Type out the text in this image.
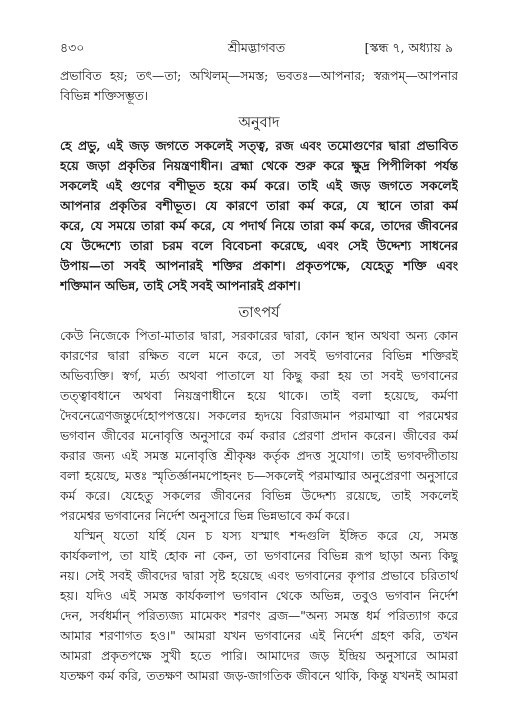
৪৩০	শ্রীমদ্ভাগবত	[স্কন্ধ ৭, অধ্যায় ৯
প্রভাবিত হয়; তৎ—তা; অখিলম্—সমস্ত; ভবতঃ—আপনার; স্বরূপম্—আপনার
বিভিন্ন শক্তিসম্ভূত।
অনুবাদ
হে প্রভু, এই জড় জগতে সকলেই সত্ত্ব, রজ এবং তমোগুণের দ্বারা প্রভাবিত
হয়ে জড়া প্রকৃতির নিয়ন্ত্রণাধীন। ব্রহ্মা থেকে শুরু করে ক্ষুদ্র পিপীলিকা পর্যন্ত
সকলেই এই গুণের বশীভূত হয়ে কর্ম করে। তাই এই জড় জগতে সকলেই
আপনার প্রকৃতির বশীভূত। যে কারণে তারা কর্ম করে, যে স্থানে তারা কর্ম
করে, যে সময়ে তারা কর্ম করে, যে পদার্থ নিয়ে তারা কর্ম করে, তাদের জীবনের
যে উদ্দেশ্যে তারা চরম বলে বিবেচনা করেছে, এবং সেই উদ্দেশ্য সাধনের
উপায়—তা সবই আপনারই শক্তির প্রকাশ। প্রকৃতপক্ষে, যেহেতু শক্তি এবং
শক্তিমান অভিন্ন, তাই সেই সবই আপনারই প্রকাশ।
তাৎপর্য
কেউ নিজেকে পিতা-মাতার দ্বারা, সরকারের দ্বারা, কোন স্থান অথবা অন্য কোন
কারণের দ্বারা রক্ষিত বলে মনে করে, তা সবই ভগবানের বিভিন্ন শক্তিরই
অভিব্যক্তি। স্বর্গ, মর্ত্য অথবা পাতালে যা কিছু করা হয় তা সবই ভগবানের
তত্ত্বাবধানে অথবা নিয়ন্ত্রণাধীনে হয়ে থাকে। তাই বলা হয়েছে, কর্মণা
দৈবনেত্রেণজন্তুর্দেহোপপত্তয়ে। সকলের হৃদয়ে বিরাজমান পরমাত্মা বা পরমেশ্বর
ভগবান জীবের মনোবৃত্তি অনুসারে কর্ম করার প্রেরণা প্রদান করেন। জীবের কর্ম
করার জন্য এই সমস্ত মনোবৃত্তি শ্রীকৃষ্ণ কর্তৃক প্রদত্ত সুযোগ। তাই ভগবদ্গীতায়
বলা হয়েছে, মত্তঃ স্মৃতির্জ্ঞানমপোহনং চ—সকলেই পরমাত্মার অনুপ্রেরণা অনুসারে
কর্ম করে। যেহেতু সকলের জীবনের বিভিন্ন উদ্দেশ্য রয়েছে, তাই সকলেই
পরমেশ্বর ভগবানের নির্দেশ অনুসারে ভিন্ন ভিন্নভাবে কর্ম করে।
যস্মিন্ যতো যর্হি যেন চ যস্য যস্মাৎ শব্দগুলি ইঙ্গিত করে যে, সমস্ত
কার্যকলাপ, তা যাই হোক না কেন, তা ভগবানের বিভিন্ন রূপ ছাড়া অন্য কিছু
নয়। সেই সবই জীবদের দ্বারা সৃষ্ট হয়েছে এবং ভগবানের কৃপার প্রভাবে চরিতার্থ
হয়। যদিও এই সমস্ত কার্যকলাপ ভগবান থেকে অভিন্ন, তবুও ভগবান নির্দেশ
দেন, সর্বধর্মান্ পরিত্যজ্য মামেকং শরণং ব্রজ—"অন্য সমস্ত ধর্ম পরিত্যাগ করে
আমার শরণাগত হও।" আমরা যখন ভগবানের এই নির্দেশ গ্রহণ করি, তখন
আমরা প্রকৃতপক্ষে সুখী হতে পারি। আমাদের জড় ইন্দ্রিয় অনুসারে আমরা
যতক্ষণ কর্ম করি, ততক্ষণ আমরা জড়-জাগতিক জীবনে থাকি, কিন্তু যখনই আমরা
